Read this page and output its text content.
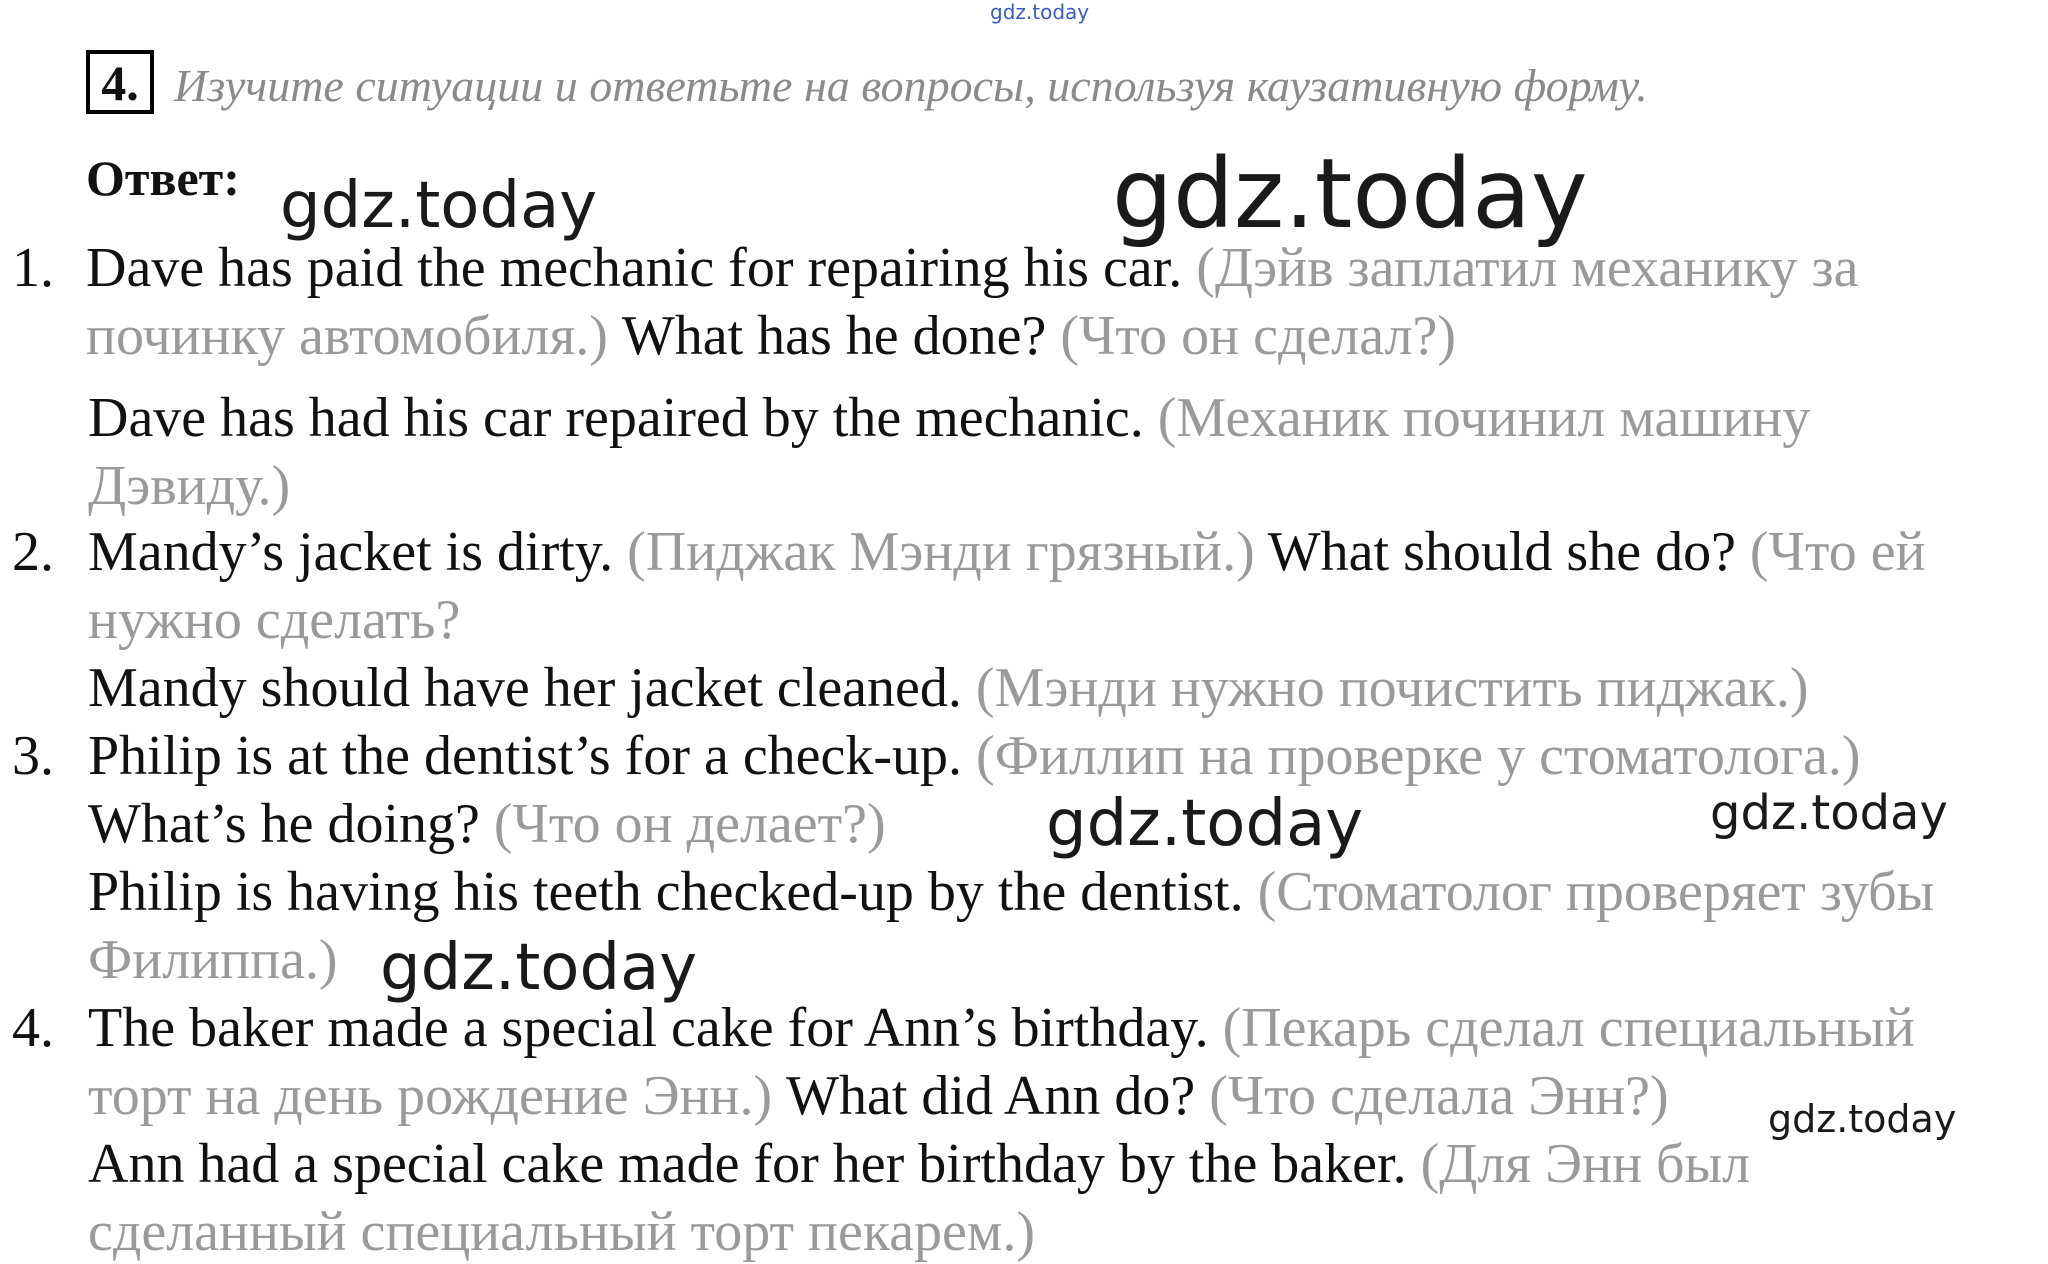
gdz.today
4. Изучите ситуации и ответьте на вопросы, используя каузативную форму.
Ответ: gdz.today	gdz.today
gdz.today	gdz.today
gdz.today
gdz.today
1. Dave has paid the mechanic for repairing his car. (Дэйв заплатил механику за
починку автомобиля.) What has he done? (Что он сделал?)
Dave has had his car repaired by the mechanic. (Механик починил машину
Дэвиду.)
2. Mandy’s jacket is dirty. (Пиджак Мэнди грязный.) What should she do? (Что ей
нужно сделать?
Mandy should have her jacket cleaned. (Мэнди нужно почистить пиджак.)
3. Philip is at the dentist’s for a check-up. (Филлип на проверке у стоматолога.)
What’s he doing? (Что он делает?)
Philip is having his teeth checked-up by the dentist. (Стоматолог проверяет зубы
Филиппа.)
4. The baker made a special cake for Ann’s birthday. (Пекарь сделал специальный
торт на день рождение Энн.) What did Ann do? (Что сделала Энн?)
Ann had a special cake made for her birthday by the baker. (Для Энн был
сделанный специальный торт пекарем.)
